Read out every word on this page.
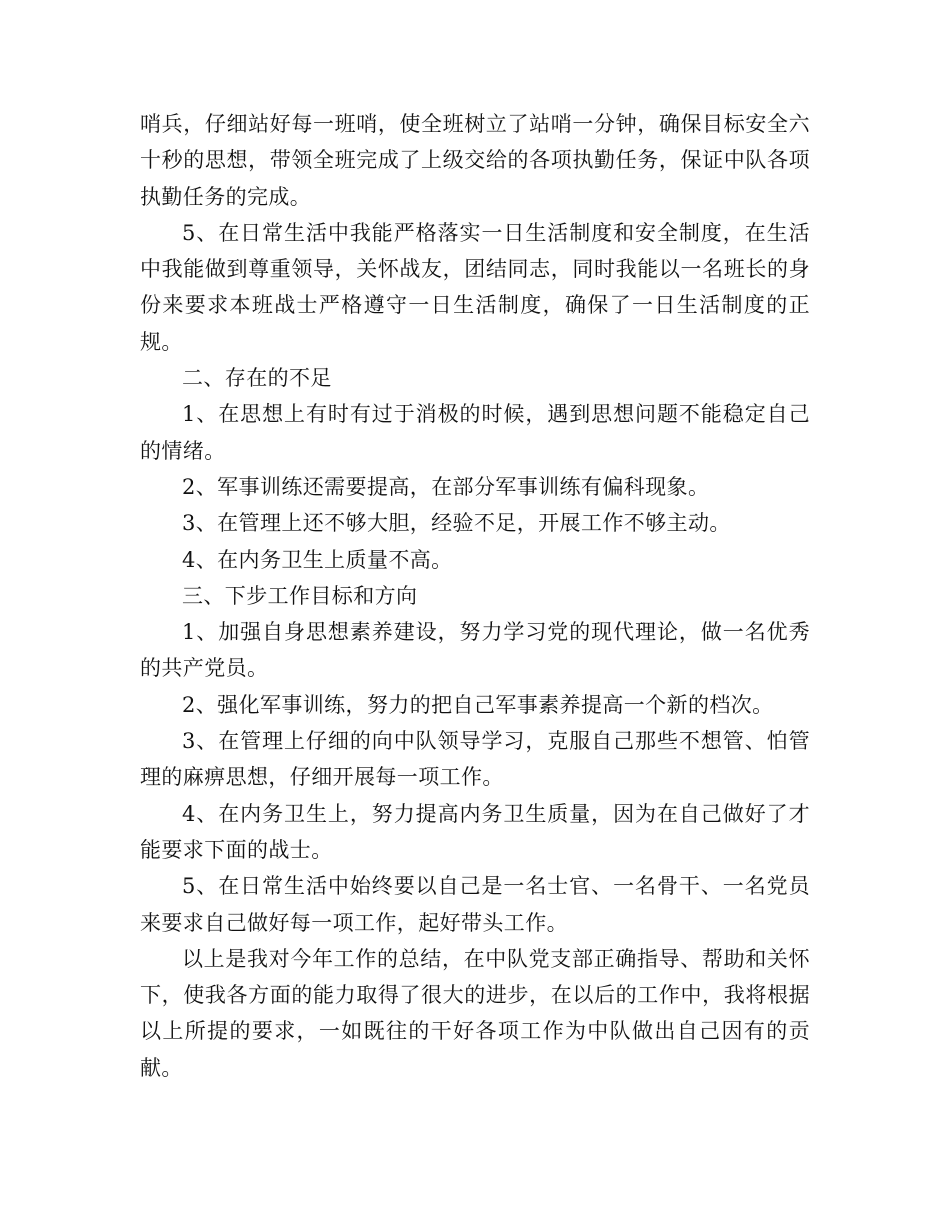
哨兵，仔细站好每一班哨，使全班树立了站哨一分钟，确保目标安全六十秒的思想，带领全班完成了上级交给的各项执勤任务，保证中队各项执勤任务的完成。

5、在日常生活中我能严格落实一日生活制度和安全制度，在生活中我能做到尊重领导，关怀战友，团结同志，同时我能以一名班长的身份来要求本班战士严格遵守一日生活制度，确保了一日生活制度的正规。

二、存在的不足

1、在思想上有时有过于消极的时候，遇到思想问题不能稳定自己的情绪。

2、军事训练还需要提高，在部分军事训练有偏科现象。

3、在管理上还不够大胆，经验不足，开展工作不够主动。

4、在内务卫生上质量不高。

三、下步工作目标和方向

1、加强自身思想素养建设，努力学习党的现代理论，做一名优秀的共产党员。

2、强化军事训练，努力的把自己军事素养提高一个新的档次。

3、在管理上仔细的向中队领导学习，克服自己那些不想管、怕管理的麻痹思想，仔细开展每一项工作。

4、在内务卫生上，努力提高内务卫生质量，因为在自己做好了才能要求下面的战士。

5、在日常生活中始终要以自己是一名士官、一名骨干、一名党员来要求自己做好每一项工作，起好带头工作。

以上是我对今年工作的总结，在中队党支部正确指导、帮助和关怀下，使我各方面的能力取得了很大的进步，在以后的工作中，我将根据以上所提的要求，一如既往的干好各项工作为中队做出自己因有的贡献。
